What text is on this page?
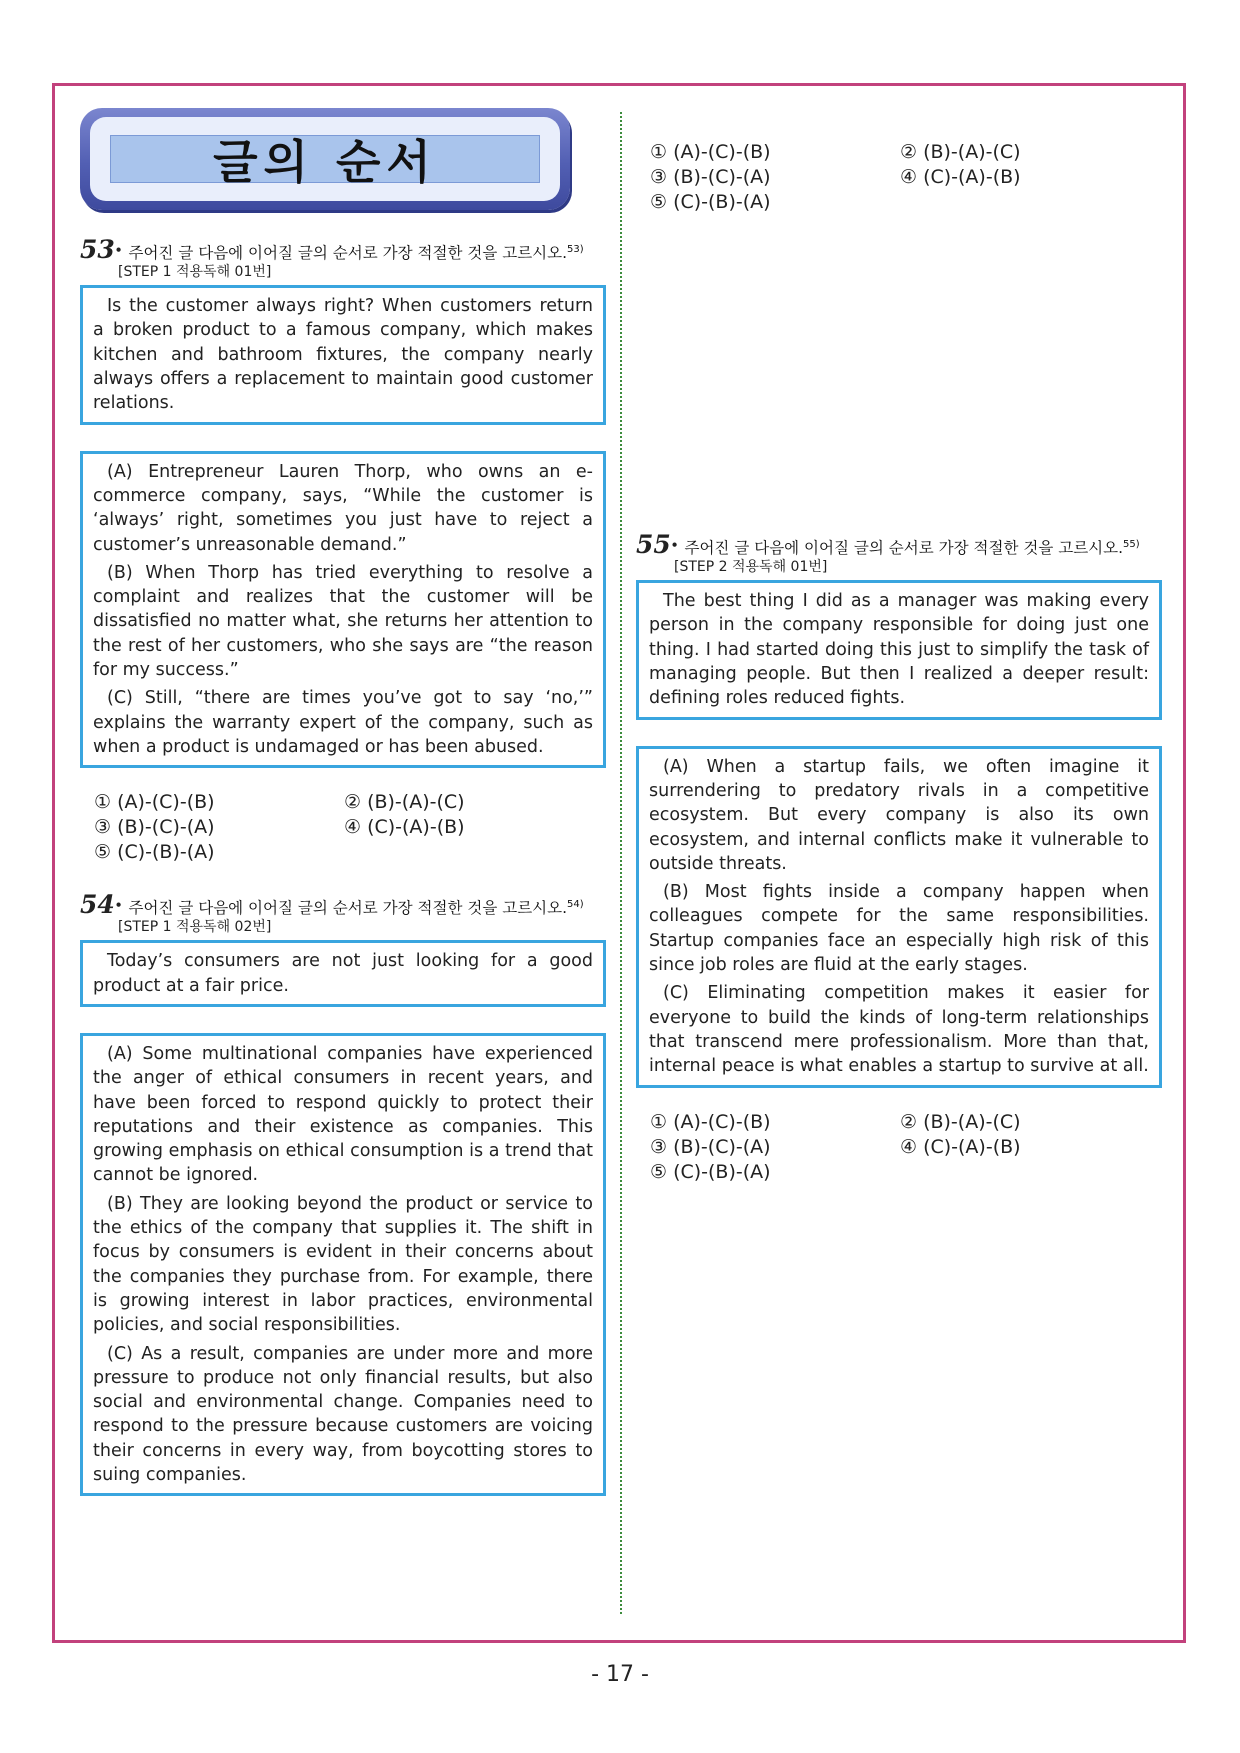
글의 순서
53 • 주어진 글 다음에 이어질 글의 순서로 가장 적절한 것을 고르시오.$^{53)}$
[STEP 1 적용독해 01번]

Is the customer always right? When customers return a broken product to a famous company, which makes kitchen and bathroom fixtures, the company nearly always offers a replacement to maintain good customer relations.

(A) Entrepreneur Lauren Thorp, who owns an e-commerce company, says, “While the customer is ‘always’ right, sometimes you just have to reject a customer’s unreasonable demand.”

(B) When Thorp has tried everything to resolve a complaint and realizes that the customer will be dissatisfied no matter what, she returns her attention to the rest of her customers, who she says are “the reason for my success.”

(C) Still, “there are times you’ve got to say ‘no,’” explains the warranty expert of the company, such as when a product is undamaged or has been abused.

① (A)-(C)-(B)	② (B)-(A)-(C)
③ (B)-(C)-(A)	④ (C)-(A)-(B)
⑤ (C)-(B)-(A)
54 • 주어진 글 다음에 이어질 글의 순서로 가장 적절한 것을 고르시오.$^{54)}$
[STEP 1 적용독해 02번]

Today’s consumers are not just looking for a good product at a fair price.

(A) Some multinational companies have experienced the anger of ethical consumers in recent years, and have been forced to respond quickly to protect their reputations and their existence as companies. This growing emphasis on ethical consumption is a trend that cannot be ignored.

(B) They are looking beyond the product or service to the ethics of the company that supplies it. The shift in focus by consumers is evident in their concerns about the companies they purchase from. For example, there is growing interest in labor practices, environmental policies, and social responsibilities.

(C) As a result, companies are under more and more pressure to produce not only financial results, but also social and environmental change. Companies need to respond to the pressure because customers are voicing their concerns in every way, from boycotting stores to suing companies.

① (A)-(C)-(B)	② (B)-(A)-(C)
③ (B)-(C)-(A)	④ (C)-(A)-(B)
⑤ (C)-(B)-(A)
55 • 주어진 글 다음에 이어질 글의 순서로 가장 적절한 것을 고르시오.$^{55)}$
[STEP 2 적용독해 01번]

The best thing I did as a manager was making every person in the company responsible for doing just one thing. I had started doing this just to simplify the task of managing people. But then I realized a deeper result: defining roles reduced fights.

(A) When a startup fails, we often imagine it surrendering to predatory rivals in a competitive ecosystem. But every company is also its own ecosystem, and internal conflicts make it vulnerable to outside threats.

(B) Most fights inside a company happen when colleagues compete for the same responsibilities. Startup companies face an especially high risk of this since job roles are fluid at the early stages.

(C) Eliminating competition makes it easier for everyone to build the kinds of long-term relationships that transcend mere professionalism. More than that, internal peace is what enables a startup to survive at all.

① (A)-(C)-(B)	② (B)-(A)-(C)
③ (B)-(C)-(A)	④ (C)-(A)-(B)
⑤ (C)-(B)-(A)
- 17 -
